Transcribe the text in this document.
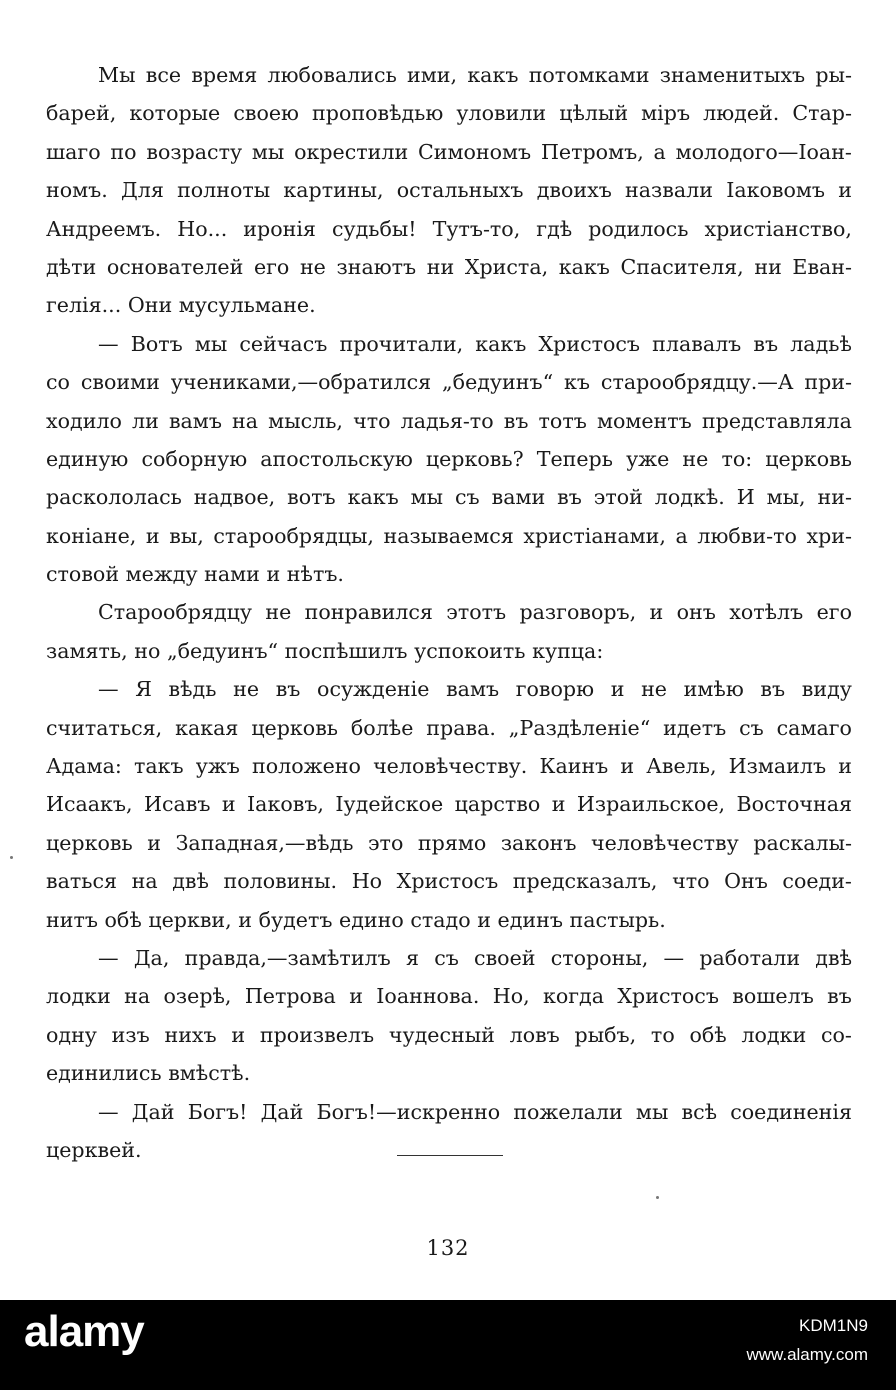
Мы все время любовались ими, какъ потомками знаменитыхъ ры-
барей, которые своею проповѣдью уловили цѣлый міръ людей. Стар-
шаго по возрасту мы окрестили Симономъ Петромъ, а молодого—Іоан-
номъ. Для полноты картины, остальныхъ двоихъ назвали Іаковомъ и
Андреемъ. Но... иронія судьбы! Тутъ-то, гдѣ родилось христіанство,
дѣти основателей его не знаютъ ни Христа, какъ Спасителя, ни Еван-
гелія... Они мусульмане.
— Вотъ мы сейчасъ прочитали, какъ Христосъ плавалъ въ ладьѣ
со своими учениками,—обратился „бедуинъ“ къ старообрядцу.—А при-
ходило ли вамъ на мысль, что ладья-то въ тотъ моментъ представляла
единую соборную апостольскую церковь? Теперь уже не то: церковь
раскололась надвое, вотъ какъ мы съ вами въ этой лодкѣ. И мы, ни-
коніане, и вы, старообрядцы, называемся христіанами, а любви-то хри-
стовой между нами и нѣтъ.
Старообрядцу не понравился этотъ разговоръ, и онъ хотѣлъ его
замять, но „бедуинъ“ поспѣшилъ успокоить купца:
— Я вѣдь не въ осужденіе вамъ говорю и не имѣю въ виду
считаться, какая церковь болѣе права. „Раздѣленіе“ идетъ съ самаго
Адама: такъ ужъ положено человѣчеству. Каинъ и Авель, Измаилъ и
Исаакъ, Исавъ и Іаковъ, Іудейское царство и Израильское, Восточная
церковь и Западная,—вѣдь это прямо законъ человѣчеству раскалы-
ваться на двѣ половины. Но Христосъ предсказалъ, что Онъ соеди-
нитъ обѣ церкви, и будетъ едино стадо и единъ пастырь.
— Да, правда,—замѣтилъ я съ своей стороны, — работали двѣ
лодки на озерѣ, Петрова и Іоаннова. Но, когда Христосъ вошелъ въ
одну изъ нихъ и произвелъ чудесный ловъ рыбъ, то обѣ лодки со-
единились вмѣстѣ.
— Дай Богъ! Дай Богъ!—искренно пожелали мы всѣ соединенія
церквей.
132
alamy	KDM1N9
www.alamy.com
